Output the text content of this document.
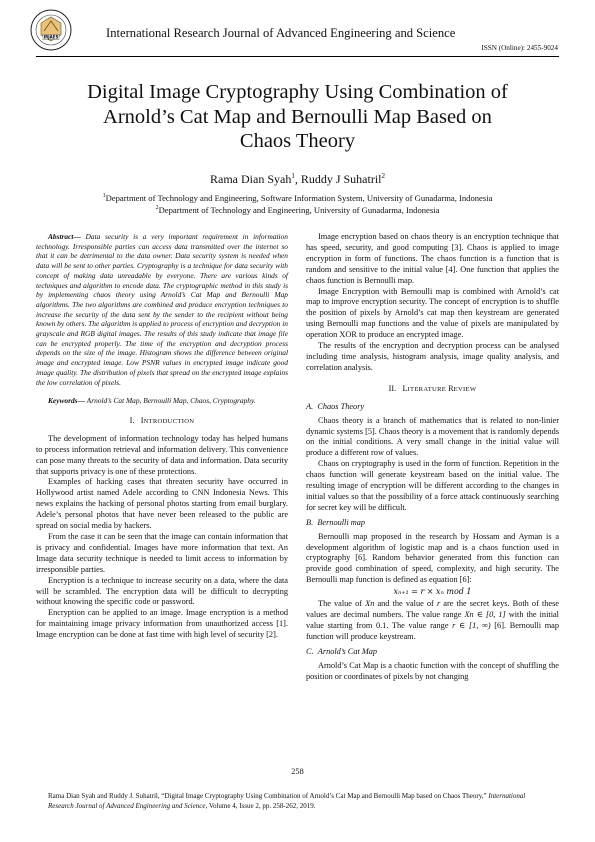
IRJAES	International Research Journal of Advanced Engineering and Science
ISSN (Online): 2455-9024
Digital Image Cryptography Using Combination of
Arnold’s Cat Map and Bernoulli Map Based on
Chaos Theory
Rama Dian Syah$^1$, Ruddy J Suhatril$^2$
$^1$Department of Technology and Engineering, Software Information System, University of Gunadarma, Indonesia
$^2$Department of Technology and Engineering, University of Gunadarma, Indonesia

Abstract— Data security is a very important requirement in information technology. Irresponsible parties can access data transmitted over the internet so that it can be detrimental to the data owner. Data security system is needed when data will be sent to other parties. Cryptography is a technique for data security with concept of making data unreadable by everyone. There are various kinds of techniques and algorithm to encode data. The cryptographic method in this study is by implementing chaos theory using Arnold’s Cat Map and Bernoulli Map algorithms. The two algorithms are combined and produce encryption techniques to increase the security of the data sent by the sender to the recipient without being known by others. The algorithm is applied to process of encryption and decryption in grayscale and RGB digital images. The results of this study indicate that image file can be encrypted properly. The time of the encryption and decryption process depends on the size of the image. Histogram shows the difference between original image and encrypted image. Low PSNR values in encrypted image indicate good image quality. The distribution of pixels that spread on the encrypted image explains the low correlation of pixels.

Keywords— Arnold’s Cat Map, Bernoulli Map, Chaos, Cryptography.

I. INTRODUCTION

The development of information technology today has helped humans to process information retrieval and information delivery. This convenience can pose many threats to the security of data and information. Data security that supports privacy is one of these protections.

Examples of hacking cases that threaten security have occurred in Hollywood artist named Adele according to CNN Indonesia News. This news explains the hacking of personal photos starting from email burglary. Adele’s personal photos that have never been released to the public are spread on social media by hackers.

From the case it can be seen that the image can contain information that is privacy and confidential. Images have more information that text. An Image data security technique is needed to limit access to information by irresponsible parties.

Encryption is a technique to increase security on a data, where the data will be scrambled. The encryption data will be difficult to decrypting without knowing the specific code or password.

Encryption can be applied to an image. Image encryption is a method for maintaining image privacy information from unauthorized access [1]. Image encryption can be done at fast time with high level of security [2].

Image encryption based on chaos theory is an encryption technique that has speed, security, and good computing [3]. Chaos is applied to image encryption in form of functions. The chaos function is a function that is random and sensitive to the initial value [4]. One function that applies the chaos function is Bernoulli map.

Image Encryption with Bernoulli map is combined with Arnold’s cat map to improve encryption security. The concept of encryption is to shuffle the position of pixels by Arnold’s cat map then keystream are generated using Bernoulli map functions and the value of pixels are manipulated by operation XOR to produce an encrypted image.

The results of the encryption and decryption process can be analysed including time analysis, histogram analysis, image quality analysis, and correlation analysis.

II. LITERATURE REVIEW

A. Chaos Theory

Chaos theory is a branch of mathematics that is related to non-linier dynamic systems [5]. Chaos theory is a movement that is randomly depends on the initial conditions. A very small change in the initial value will produce a different row of values.

Chaos on cryptography is used in the form of function. Repetition in the chaos function will generate keystream based on the initial value. The resulting image of encryption will be different according to the changes in initial values so that the possibility of a force attack continuously searching for secret key will be difficult.

B. Bernoulli map

Bernoulli map proposed in the research by Hossam and Ayman is a development algorithm of logistic map and is a chaos function used in cryptography [6]. Random behavior generated from this function can provide good combination of speed, complexity, and high security. The Bernoulli map function is defined as equation [6]:

xₙ₊₁ = r × xₙ mod 1

The value of Xn and the value of r are the secret keys. Both of these values are decimal numbers. The value range Xn ∈ [0, 1] with the initial value starting from 0.1. The value range r ∈ [1, ∞) [6]. Bernoulli map function will produce keystream.

C. Arnold’s Cat Map

Arnold’s Cat Map is a chaotic function with the concept of shuffling the position or coordinates of pixels by not changing

258
Rama Dian Syah and Ruddy J. Suhatril, “Digital Image Cryptography Using Combination of Arnold’s Cat Map and Bernoulli Map based on Chaos Theory,” International Research Journal of Advanced Engineering and Science, Volume 4, Issue 2, pp. 258-262, 2019.
